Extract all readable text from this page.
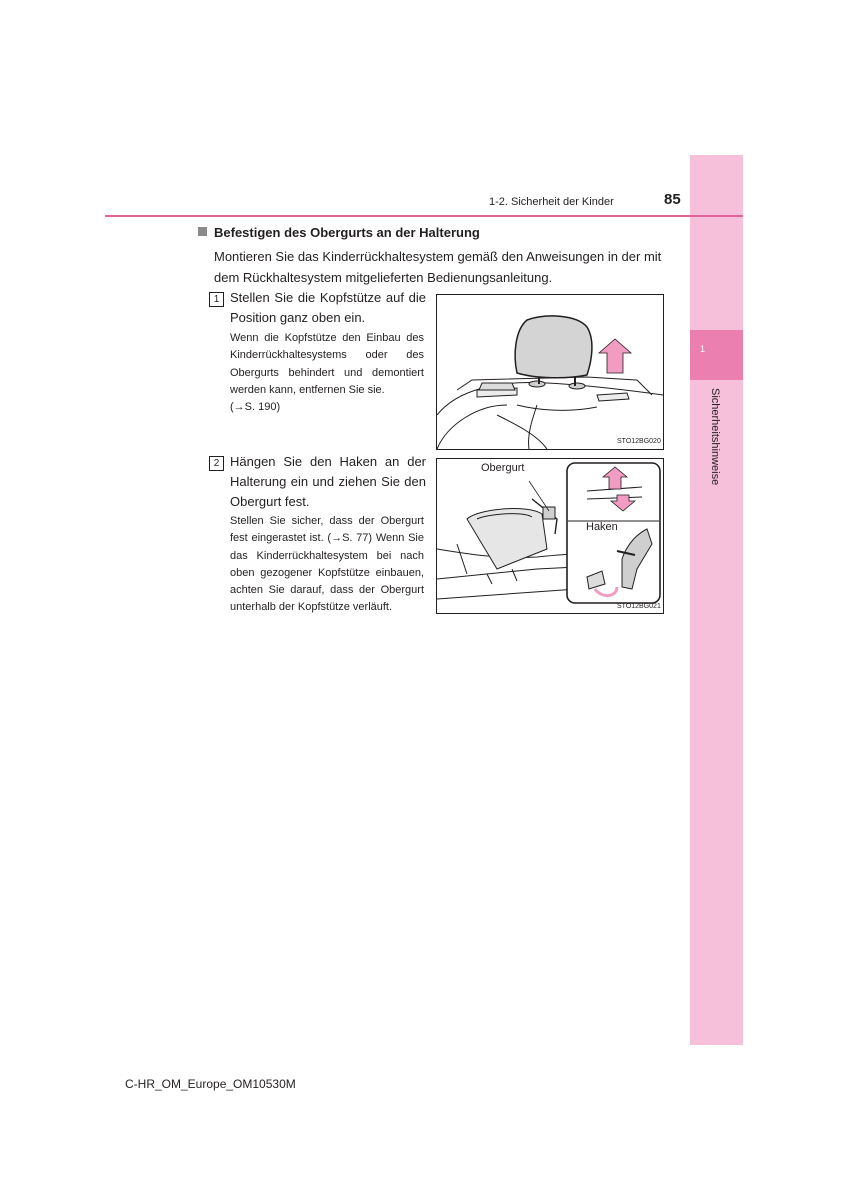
1
Sicherheitshinweise
1-2. Sicherheit der Kinder	85
Befestigen des Obergurts an der Halterung
Montieren Sie das Kinderrückhaltesystem gemäß den Anweisungen in der mit dem Rückhaltesystem mitgelieferten Bedienungsanleitung.
1 Stellen Sie die Kopfstütze auf die Position ganz oben ein.
Wenn die Kopfstütze den Einbau des Kinderrückhaltesystems oder des Obergurts behindert und demontiert werden kann, entfernen Sie sie.
(→S. 190)
STO12BG020
2 Hängen Sie den Haken an der Halterung ein und ziehen Sie den Obergurt fest.
Stellen Sie sicher, dass der Obergurt fest eingerastet ist. (→S. 77) Wenn Sie das Kinderrückhaltesystem bei nach oben gezogener Kopfstütze einbauen, achten Sie darauf, dass der Obergurt unterhalb der Kopfstütze verläuft.
Obergurt
Haken
STO12BG021
C-HR_OM_Europe_OM10530M
